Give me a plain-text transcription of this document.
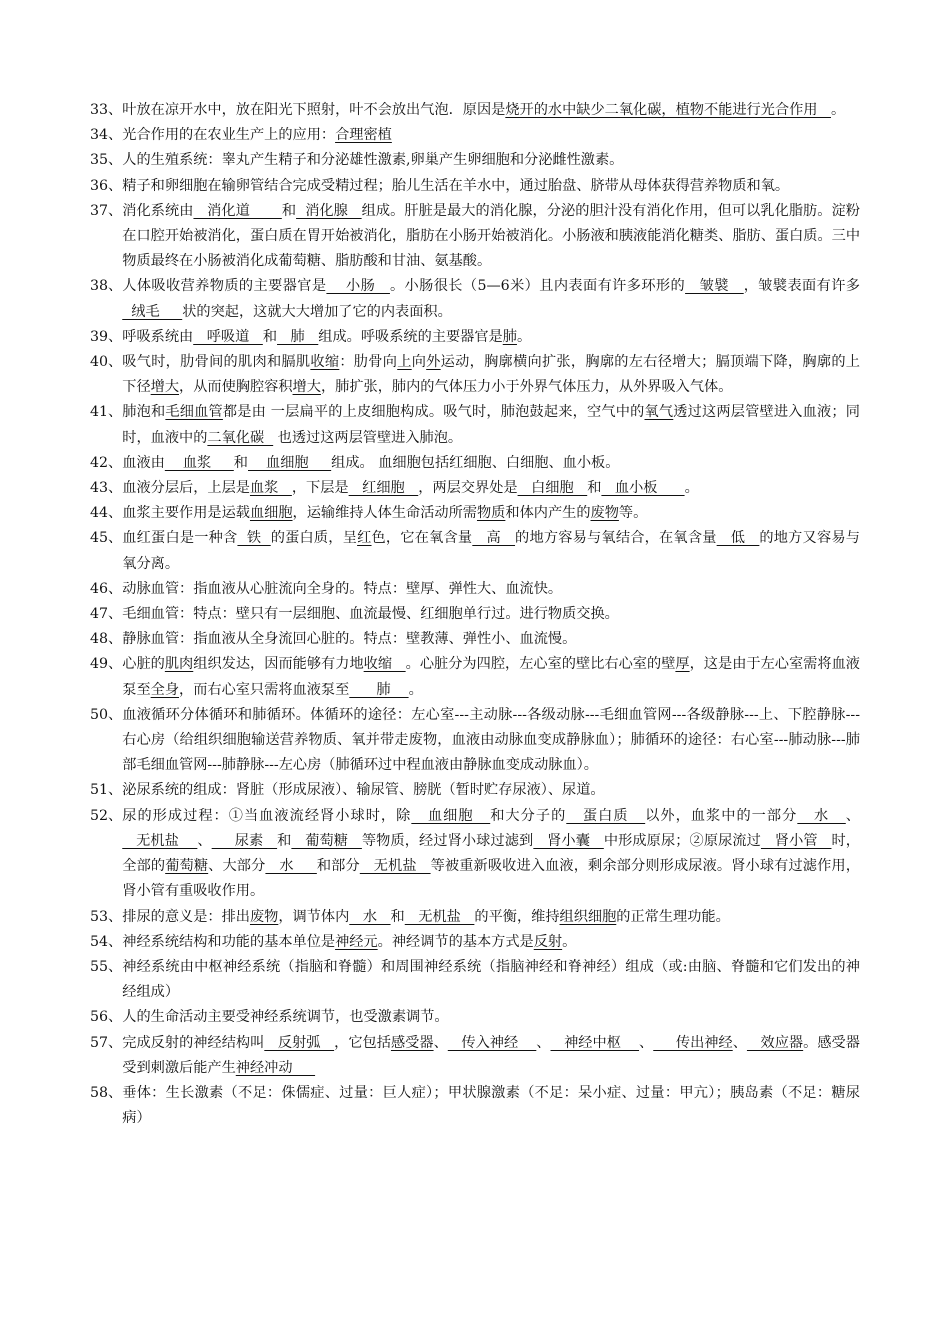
33、 叶放在凉开水中，放在阳光下照射，叶不会放出气泡．原因是烧开的水中缺少二氧化碳，植物不能进行光合作用   。
34、 光合作用的在农业生产上的应用：合理密植
35、 人的生殖系统：睾丸产生精子和分泌雄性激素,卵巢产生卵细胞和分泌雌性激素。
36、 精子和卵细胞在输卵管结合完成受精过程；胎儿生活在羊水中，通过胎盘、脐带从母体获得营养物质和氧。
37、 消化系统由   消化道       和  消化腺   组成。肝脏是最大的消化腺，分泌的胆汁没有消化作用，但可以乳化脂肪。淀粉在口腔开始被消化，蛋白质在胃开始被消化，脂肪在小肠开始被消化。小肠液和胰液能消化糖类、脂肪、蛋白质。三中物质最终在小肠被消化成葡萄糖、脂肪酸和甘油、氨基酸。
38、 人体吸收营养物质的主要器官是    小肠   。小肠很长（5—6米）且内表面有许多环形的   皱襞   ，皱襞表面有许多  绒毛     状的突起，这就大大增加了它的内表面积。
39、 呼吸系统由   呼吸道   和   肺   组成。呼吸系统的主要器官是肺。
40、 吸气时，肋骨间的肌肉和膈肌收缩：肋骨向上向外运动，胸廓横向扩张，胸廓的左右径增大；膈顶端下降，胸廓的上下径增大，从而使胸腔容积增大，肺扩张，肺内的气体压力小于外界气体压力，从外界吸入气体。
41、 肺泡和毛细血管都是由 一层扁平的上皮细胞构成。吸气时，肺泡鼓起来，空气中的氧气透过这两层管壁进入血液；同时，血液中的二氧化碳   也透过这两层管壁进入肺泡。
42、 血液由    血浆     和    血细胞     组成。 血细胞包括红细胞、白细胞、血小板。
43、 血液分层后，上层是血浆   ，下层是   红细胞   ，两层交界处是   白细胞   和   血小板      。
44、 血浆主要作用是运载血细胞，运输维持人体生命活动所需物质和体内产生的废物等。
45、 血红蛋白是一种含  铁  的蛋白质，呈红色，它在氧含量   高   的地方容易与氧结合，在氧含量   低   的地方又容易与氧分离。
46、 动脉血管：指血液从心脏流向全身的。特点：壁厚、弹性大、血流快。
47、 毛细血管：特点：壁只有一层细胞、血流最慢、红细胞单行过。进行物质交换。
48、 静脉血管：指血液从全身流回心脏的。特点：壁教薄、弹性小、血流慢。
49、 心脏的肌肉组织发达，因而能够有力地收缩   。心脏分为四腔，左心室的壁比右心室的壁厚，这是由于左心室需将血液泵至全身，而右心室只需将血液泵至      肺    。
50、 血液循环分体循环和肺循环。体循环的途径：左心室---主动脉---各级动脉---毛细血管网---各级静脉---上、下腔静脉---右心房（给组织细胞输送营养物质、氧并带走废物，血液由动脉血变成静脉血）；肺循环的途径：右心室---肺动脉---肺部毛细血管网---肺静脉---左心房（肺循环过中程血液由静脉血变成动脉血）。
51、 泌尿系统的组成：肾脏（形成尿液）、输尿管、膀胱（暂时贮存尿液）、尿道。
52、 尿的形成过程：①当血液流经肾小球时，除   血细胞   和大分子的   蛋白质   以外，血浆中的一部分   水   、   无机盐    、     尿素   和   葡萄糖   等物质，经过肾小球过滤到   肾小囊   中形成原尿；②原尿流过   肾小管   时，全部的葡萄糖、大部分   水     和部分   无机盐   等被重新吸收进入血液，剩余部分则形成尿液。肾小球有过滤作用，肾小管有重吸收作用。
53、 排尿的意义是：排出废物，调节体内   水   和   无机盐   的平衡，维持组织细胞的正常生理功能。
54、 神经系统结构和功能的基本单位是神经元。神经调节的基本方式是反射。
55、 神经系统由中枢神经系统（指脑和脊髓）和周围神经系统（指脑神经和脊神经）组成（或:由脑、脊髓和它们发出的神经组成）
56、 人的生命活动主要受神经系统调节，也受激素调节。
57、 完成反射的神经结构叫   反射弧   ，它包括感受器、   传入神经    、   神经中枢    、     传出神经、   效应器。感受器受到刺激后能产生神经冲动
58、 垂体：生长激素（不足：侏儒症、过量：巨人症）；甲状腺激素（不足：呆小症、过量：甲亢）；胰岛素（不足：糖尿病）
